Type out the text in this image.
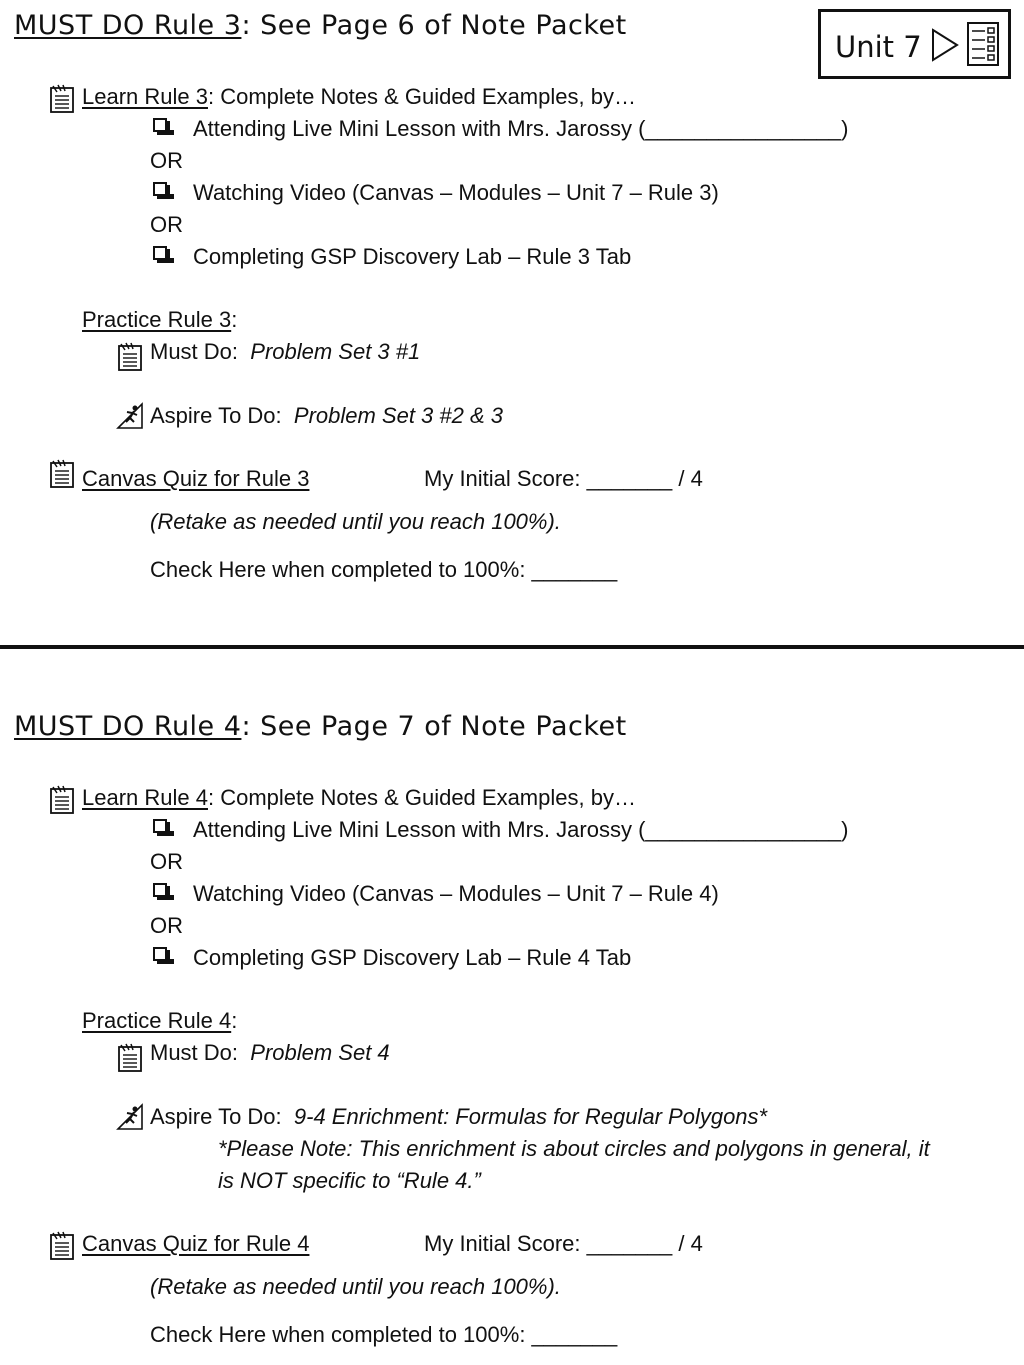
Unit 7
MUST DO Rule 3: See Page 6 of Note Packet
Learn Rule 3: Complete Notes & Guided Examples, by…
Attending Live Mini Lesson with Mrs. Jarossy (________________)
OR
Watching Video (Canvas – Modules – Unit 7 – Rule 3)
OR
Completing GSP Discovery Lab – Rule 3 Tab
Practice Rule 3:
Must Do: Problem Set 3 #1
Aspire To Do: Problem Set 3 #2 & 3
Canvas Quiz for Rule 3	My Initial Score: _______ / 4
(Retake as needed until you reach 100%).
Check Here when completed to 100%: _______
MUST DO Rule 4: See Page 7 of Note Packet
Learn Rule 4: Complete Notes & Guided Examples, by…
Attending Live Mini Lesson with Mrs. Jarossy (________________)
OR
Watching Video (Canvas – Modules – Unit 7 – Rule 4)
OR
Completing GSP Discovery Lab – Rule 4 Tab
Practice Rule 4:
Must Do: Problem Set 4
Aspire To Do: 9-4 Enrichment: Formulas for Regular Polygons*
*Please Note: This enrichment is about circles and polygons in general, it
is NOT specific to “Rule 4.”
Canvas Quiz for Rule 4	My Initial Score: _______ / 4
(Retake as needed until you reach 100%).
Check Here when completed to 100%: _______
